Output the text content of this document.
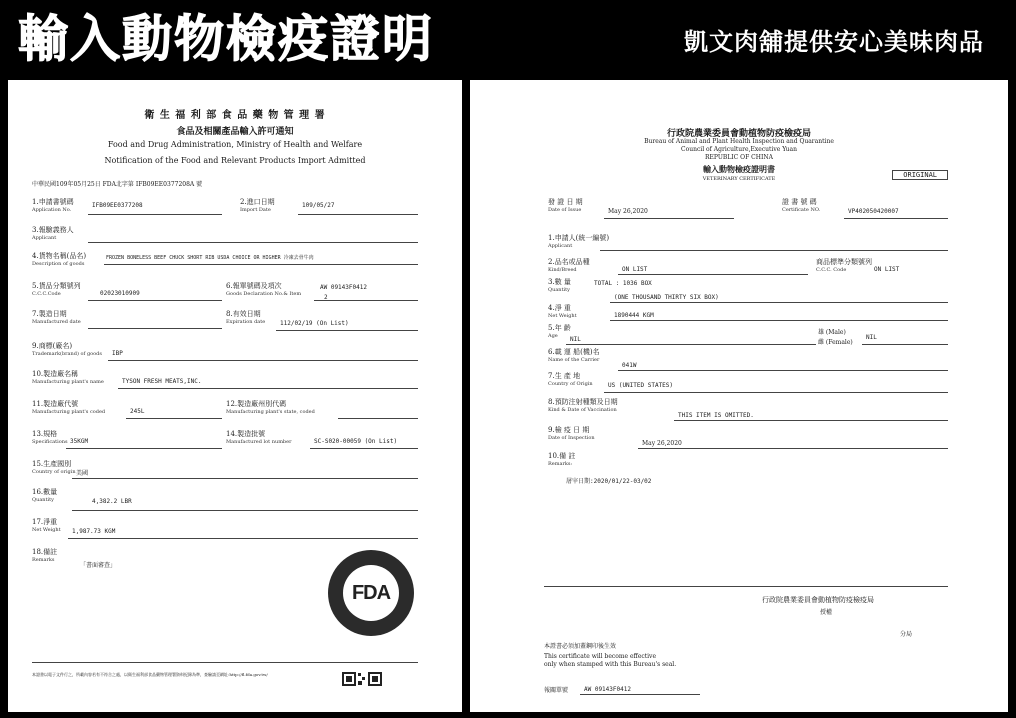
輸入動物檢疫證明	凱文肉舖提供安心美味肉品
衛 生 福 利 部 食 品 藥 物 管 理 署
食品及相關產品輸入許可通知
Food and Drug Administration, Ministry of Health and Welfare
Notification of the Food and Relevant Products Import Admitted
中華民國109年05月25日 FDA北字第 IFB09EE0377208A 號
1.申請書號碼
Application No.
IFB09EE0377208	2.進口日期
Import Date
109/05/27
3.報驗義務人
Applicant
4.貨物名稱(品名)
Description of goods
FROZEN BONELESS BEEF CHUCK SHORT RIB USDA CHOICE OR HIGHER 冷凍去骨牛肉
5.貨品分類號列
C.C.C.Code	02023010909
6.報單號碼及項次
Goods Declaration No.& Item
AW 09143F0412
2
7.製造日期
Manufactured date
8.有效日期
Expiration date 112/02/19 (On List)
9.商標(廠名)
Trademark(brand) of goods IBP
10.製造廠名稱
Manufacturing plant's name	TYSON FRESH MEATS,INC.
11.製造廠代號
Manufacturing plant's coded	245L
12.製造廠州別代碼
Manufacturing plant's state, coded
13.規格
Specifications 35KGM
14.製造批號
Manufactured lot number	SC-S020-00059 (On List)
15.生產國別
Country of origin 美國
16.數量
Quantity	4,382.2 LBR
17.淨重
Net Weight 1,987.73 KGM
18.備註
Remarks
「書面審查」
FDA
本證書以電子文件行之，所載內容若有不符合之處，以衛生福利部食品藥物管理署資料紀錄為準，查驗請至網址:http://fl.fda.gov.tw/
行政院農業委員會動植物防疫檢疫局
Bureau of Animal and Plant Health Inspection and Quarantine
Council of Agriculture,Executive Yuan
REPUBLIC OF CHINA
輸入動物檢疫證明書
VETERINARY CERTIFICATE	ORIGINAL
發 證 日 期
Date of Issue	May 26,2020
證 書 號 碼
Certificate NO.	VP402050420007
1.申請人(統一編號)
Applicant
2.品名或品種
Kind/Breed	ON LIST
商品標準分類號列
C.C.C. Code	ON LIST
3.數 量
Quantity
TOTAL : 1036 BOX
(ONE THOUSAND THIRTY SIX BOX)
4.淨 重
Net Weight	1890444 KGM
5.年 齡
Age	NIL
雄 (Male)
雌 (Female)
NIL
6.載 運 船(機)名
Name of the Carrier
041W
7.生 產 地
Country of Origin	US (UNITED STATES)
8.預防注射種類及日期
Kind & Date of Vaccination
THIS ITEM IS OMITTED.
9.檢 疫 日 期
Date of Inspection
May 26,2020
10.備 註
Remarks:
屠宰日期:2020/01/22-03/02
行政院農業委員會動植物防疫檢疫局
授權
分局
本證書必須加蓋鋼印後生效
This certificate will become effective
only when stamped with this Bureau's seal.
報關單號	AW 09143F0412
